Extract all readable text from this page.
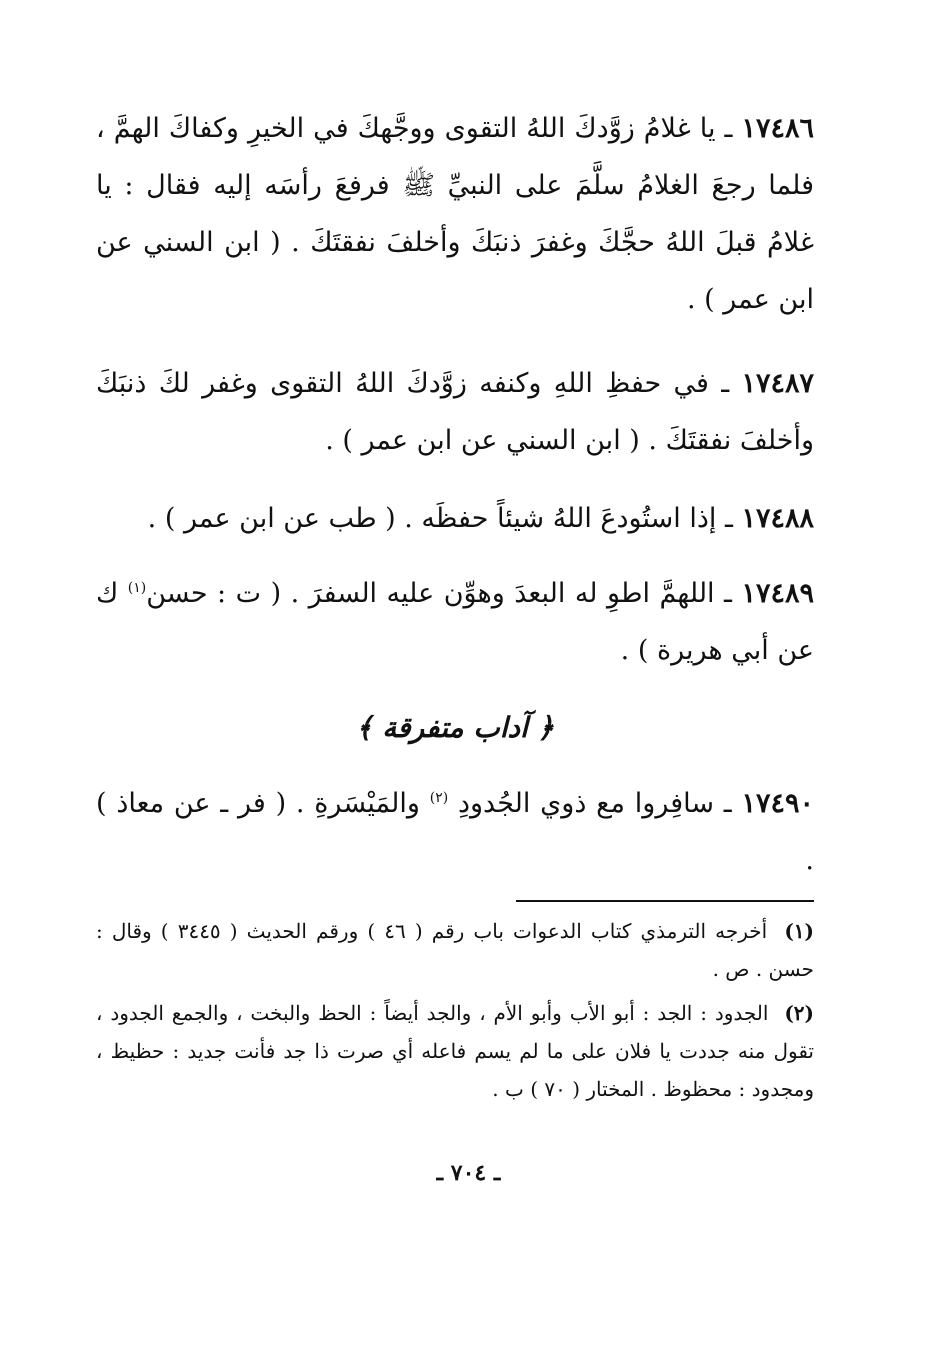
١٧٤٨٦ ـ يا غلامُ زوَّدكَ اللهُ التقوى ووجَّهكَ في الخيرِ وكفاكَ الهمَّ ، فلما رجعَ الغلامُ سلَّمَ على النبيِّ ﷺ فرفعَ رأسَه إليه فقال : يا غلامُ قبلَ اللهُ حجَّكَ وغفرَ ذنبَكَ وأخلفَ نفقتَكَ . ( ابن السني عن ابن عمر ) .

١٧٤٨٧ ـ في حفظِ اللهِ وكنفه زوَّدكَ اللهُ التقوى وغفر لكَ ذنبَكَ وأخلفَ نفقتَكَ . ( ابن السني عن ابن عمر ) .

١٧٤٨٨ ـ إذا استُودعَ اللهُ شيئاً حفظَه . ( طب عن ابن عمر ) .

١٧٤٨٩ ـ اللهمَّ اطوِ له البعدَ وهوِّن عليه السفرَ . ( ت : حسن$^{(١)}$ ك عن أبي هريرة ) .

﴿ آداب متفرقة ﴾

١٧٤٩٠ ـ سافِروا مع ذوي الجُدودِ $^{(٢)}$ والمَيْسَرةِ . ( فر ـ عن معاذ ) .

(١) أخرجه الترمذي كتاب الدعوات باب رقم ( ٤٦ ) ورقم الحديث ( ٣٤٤٥ ) وقال : حسن . ص .

(٢) الجدود : الجد : أبو الأب وأبو الأم ، والجد أيضاً : الحظ والبخت ، والجمع الجدود ، تقول منه جددت يا فلان على ما لم يسم فاعله أي صرت ذا جد فأنت جديد : حظيظ ، ومجدود : محظوظ . المختار ( ٧٠ ) ب .

ـ ٧٠٤ ـ
